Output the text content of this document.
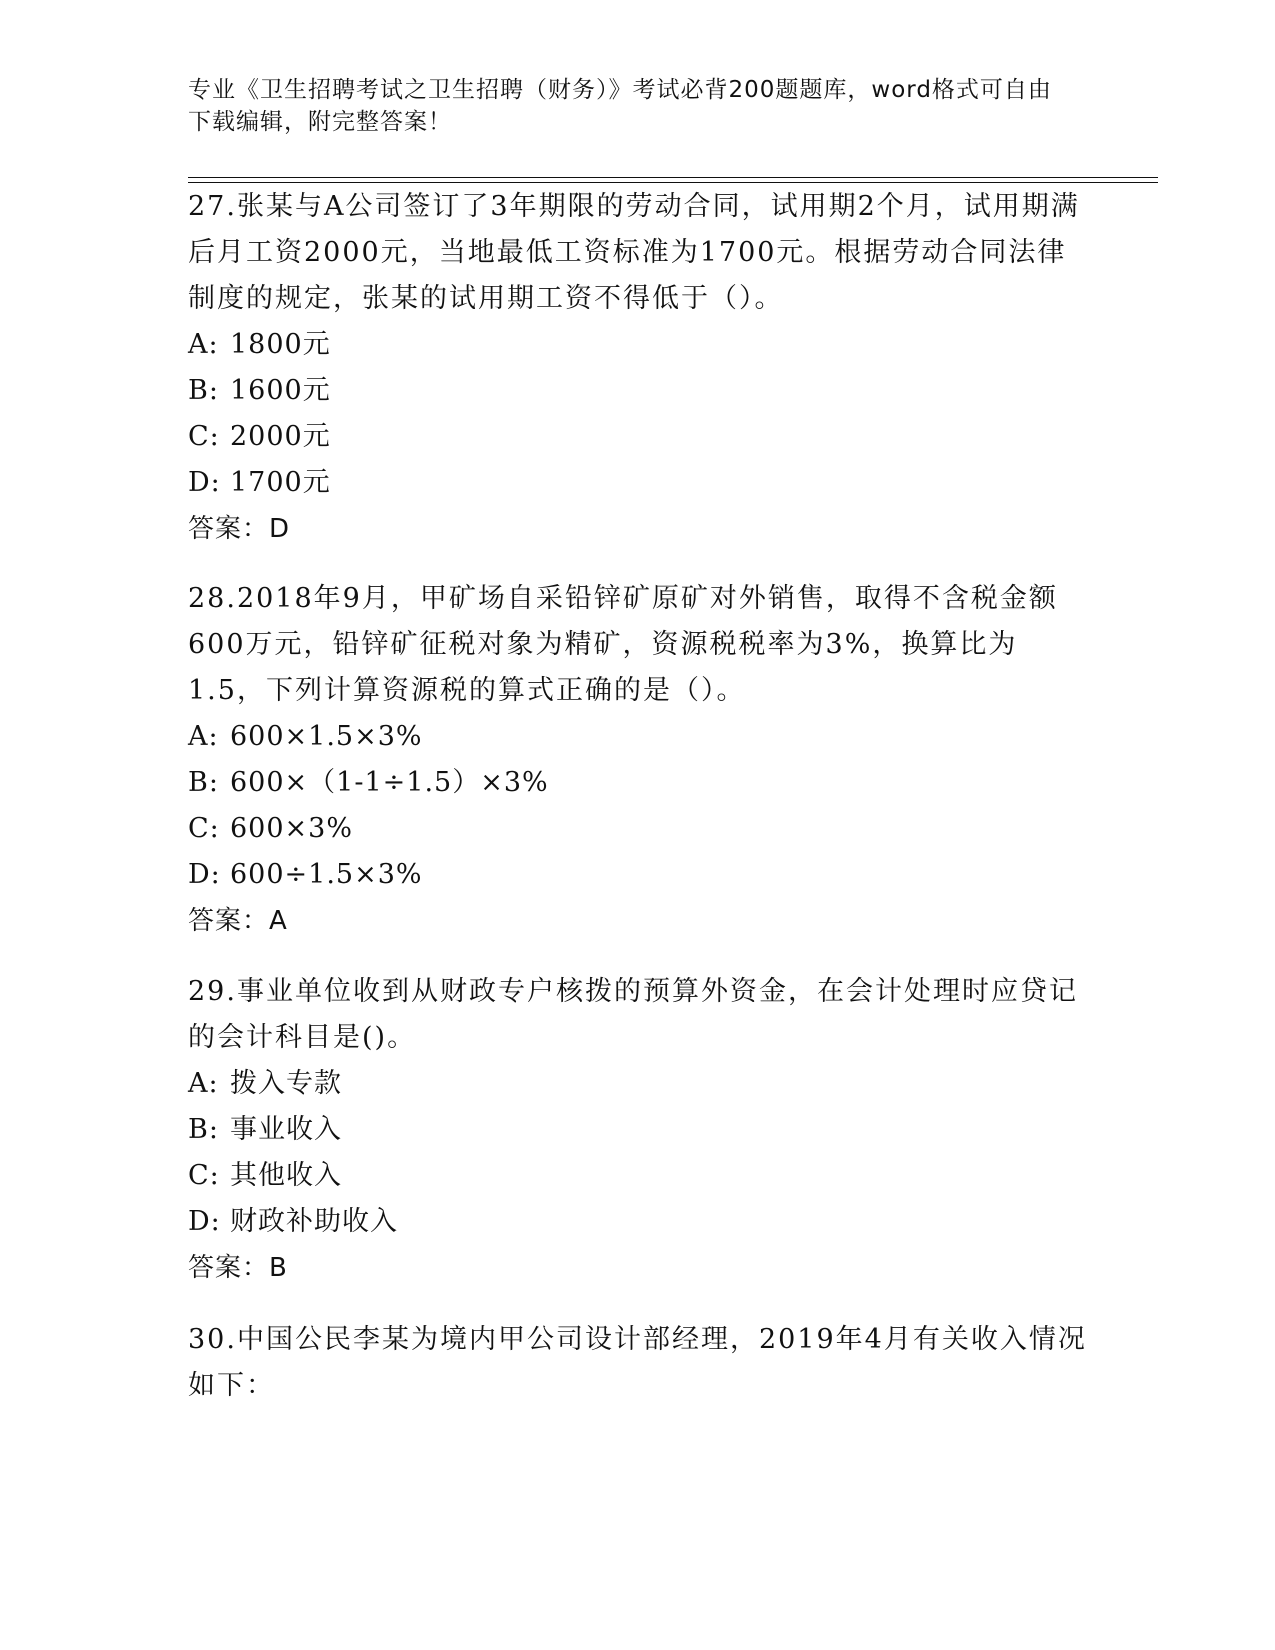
专业《卫生招聘考试之卫生招聘（财务）》考试必背200题题库，word格式可自由下载编辑，附完整答案！

27.张某与A公司签订了3年期限的劳动合同，试用期2个月，试用期满后月工资2000元，当地最低工资标准为1700元。根据劳动合同法律制度的规定，张某的试用期工资不得低于（）。

A: 1800元

B: 1600元

C: 2000元

D: 1700元

答案：D

28.2018年9月，甲矿场自采铅锌矿原矿对外销售，取得不含税金额600万元，铅锌矿征税对象为精矿，资源税税率为3%，换算比为1.5，下列计算资源税的算式正确的是（）。

A: 600×1.5×3%

B: 600×（1-1÷1.5）×3%

C: 600×3%

D: 600÷1.5×3%

答案：A

29.事业单位收到从财政专户核拨的预算外资金，在会计处理时应贷记的会计科目是()。

A: 拨入专款

B: 事业收入

C: 其他收入

D: 财政补助收入

答案：B

30.中国公民李某为境内甲公司设计部经理，2019年4月有关收入情况如下：
